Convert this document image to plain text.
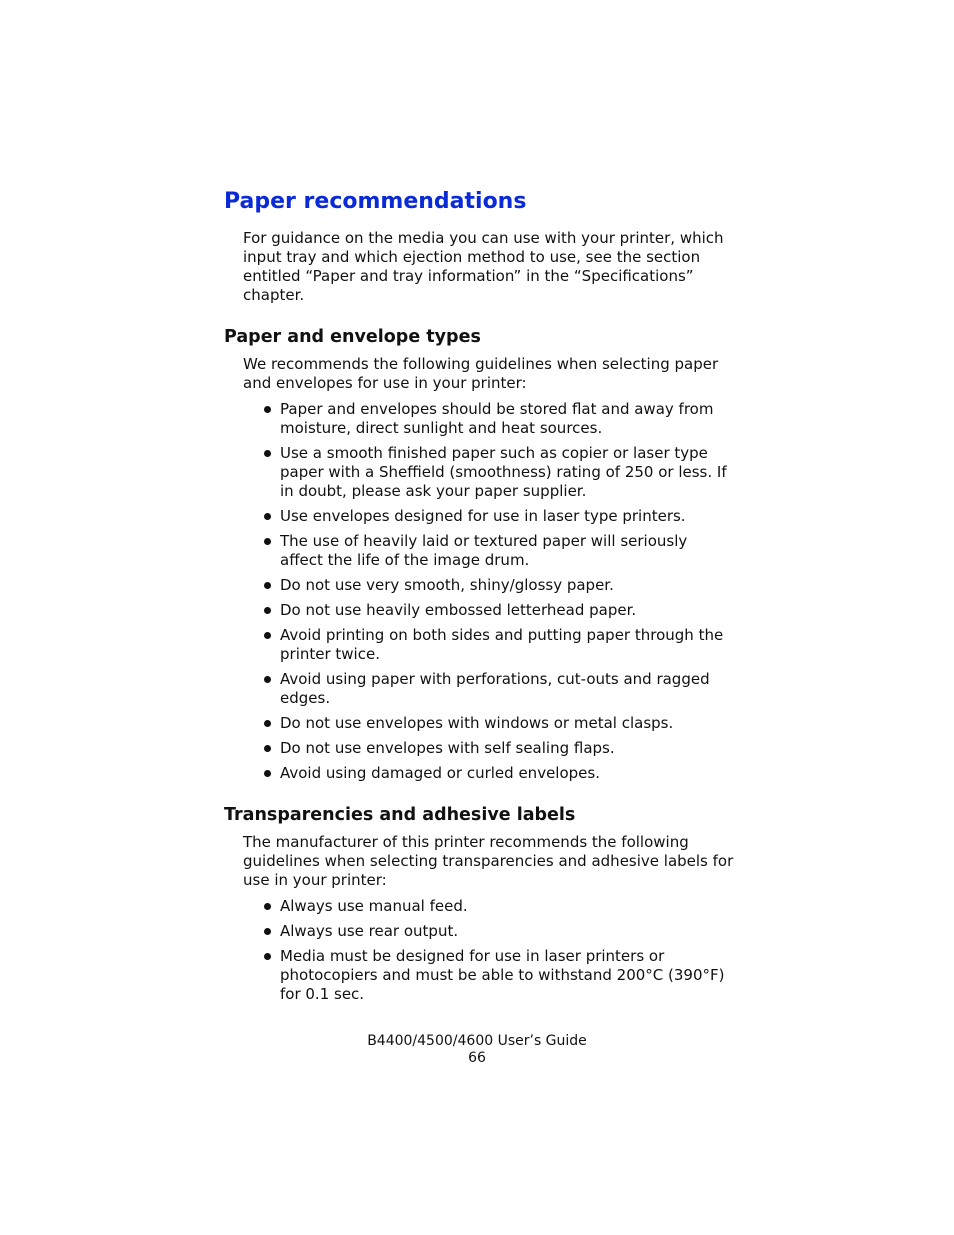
Paper recommendations

For guidance on the media you can use with your printer, which input tray and which ejection method to use, see the section entitled “Paper and tray information” in the “Specifications” chapter.

Paper and envelope types

We recommends the following guidelines when selecting paper and envelopes for use in your printer:

Paper and envelopes should be stored flat and away from moisture, direct sunlight and heat sources.
Use a smooth finished paper such as copier or laser type paper with a Sheffield (smoothness) rating of 250 or less. If in doubt, please ask your paper supplier.
Use envelopes designed for use in laser type printers.
The use of heavily laid or textured paper will seriously affect the life of the image drum.
Do not use very smooth, shiny/glossy paper.
Do not use heavily embossed letterhead paper.
Avoid printing on both sides and putting paper through the printer twice.
Avoid using paper with perforations, cut-outs and ragged edges.
Do not use envelopes with windows or metal clasps.
Do not use envelopes with self sealing flaps.
Avoid using damaged or curled envelopes.
Transparencies and adhesive labels

The manufacturer of this printer recommends the following guidelines when selecting transparencies and adhesive labels for use in your printer:

Always use manual feed.
Always use rear output.
Media must be designed for use in laser printers or photocopiers and must be able to withstand 200°C (390°F) for 0.1 sec.
B4400/4500/4600 User’s Guide
66
